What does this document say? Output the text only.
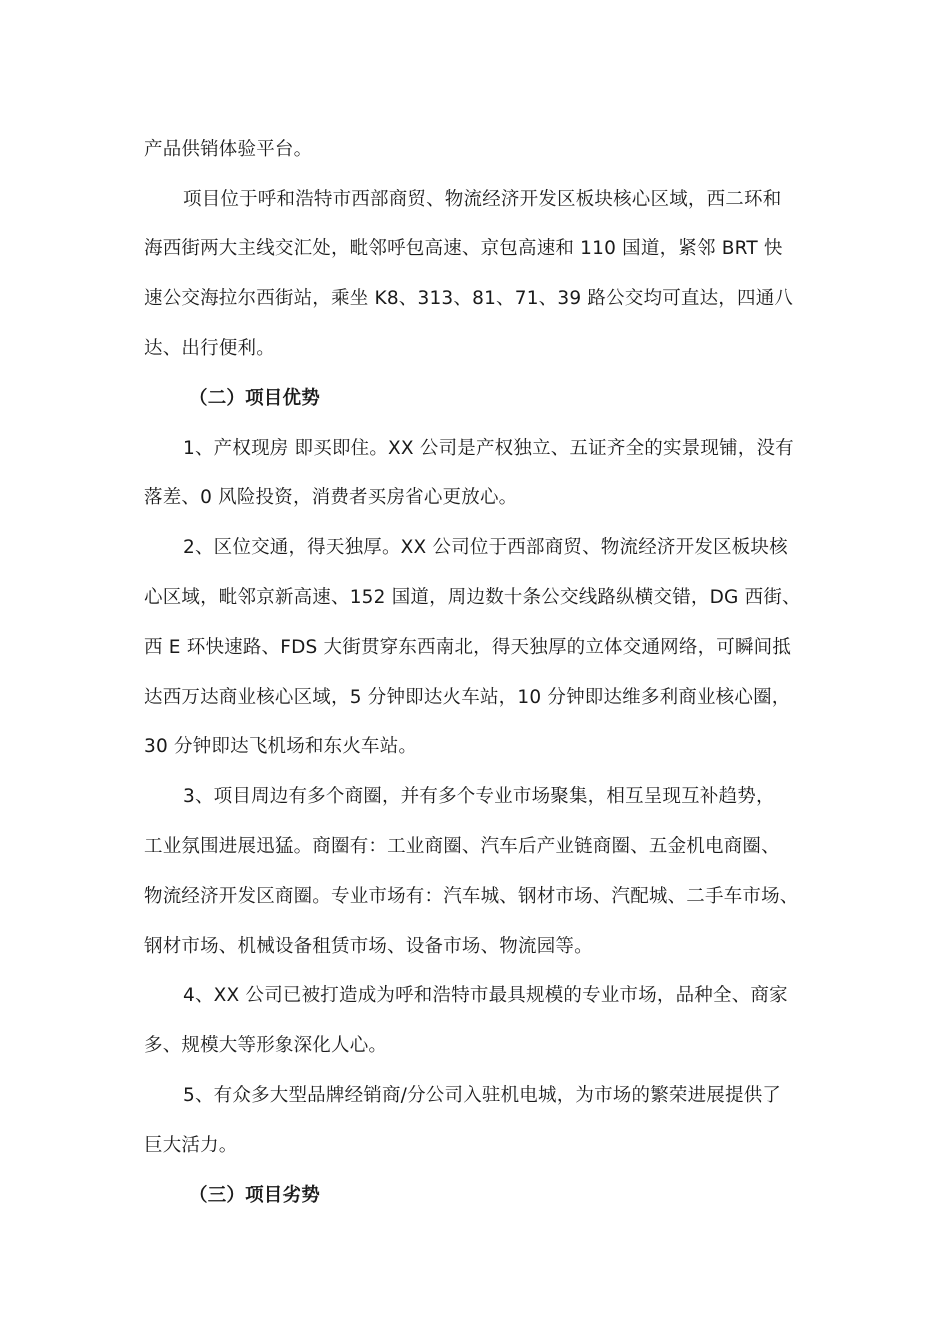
产品供销体验平台。
项目位于呼和浩特市西部商贸、物流经济开发区板块核心区域，西二环和
海西街两大主线交汇处，毗邻呼包高速、京包高速和 110 国道，紧邻 BRT 快
速公交海拉尔西街站，乘坐 K8、313、81、71、39 路公交均可直达，四通八
达、出行便利。
（二）项目优势
1、产权现房 即买即住。XX 公司是产权独立、五证齐全的实景现铺，没有
落差、0 风险投资，消费者买房省心更放心。
2、区位交通，得天独厚。XX 公司位于西部商贸、物流经济开发区板块核
心区域，毗邻京新高速、152 国道，周边数十条公交线路纵横交错，DG 西街、
西 E 环快速路、FDS 大街贯穿东西南北，得天独厚的立体交通网络，可瞬间抵
达西万达商业核心区域，5 分钟即达火车站，10 分钟即达维多利商业核心圈，
30 分钟即达飞机场和东火车站。
3、项目周边有多个商圈，并有多个专业市场聚集，相互呈现互补趋势，
工业氛围进展迅猛。商圈有：工业商圈、汽车后产业链商圈、五金机电商圈、
物流经济开发区商圈。专业市场有：汽车城、钢材市场、汽配城、二手车市场、
钢材市场、机械设备租赁市场、设备市场、物流园等。
4、XX 公司已被打造成为呼和浩特市最具规模的专业市场，品种全、商家
多、规模大等形象深化人心。
5、有众多大型品牌经销商/分公司入驻机电城，为市场的繁荣进展提供了
巨大活力。
（三）项目劣势
